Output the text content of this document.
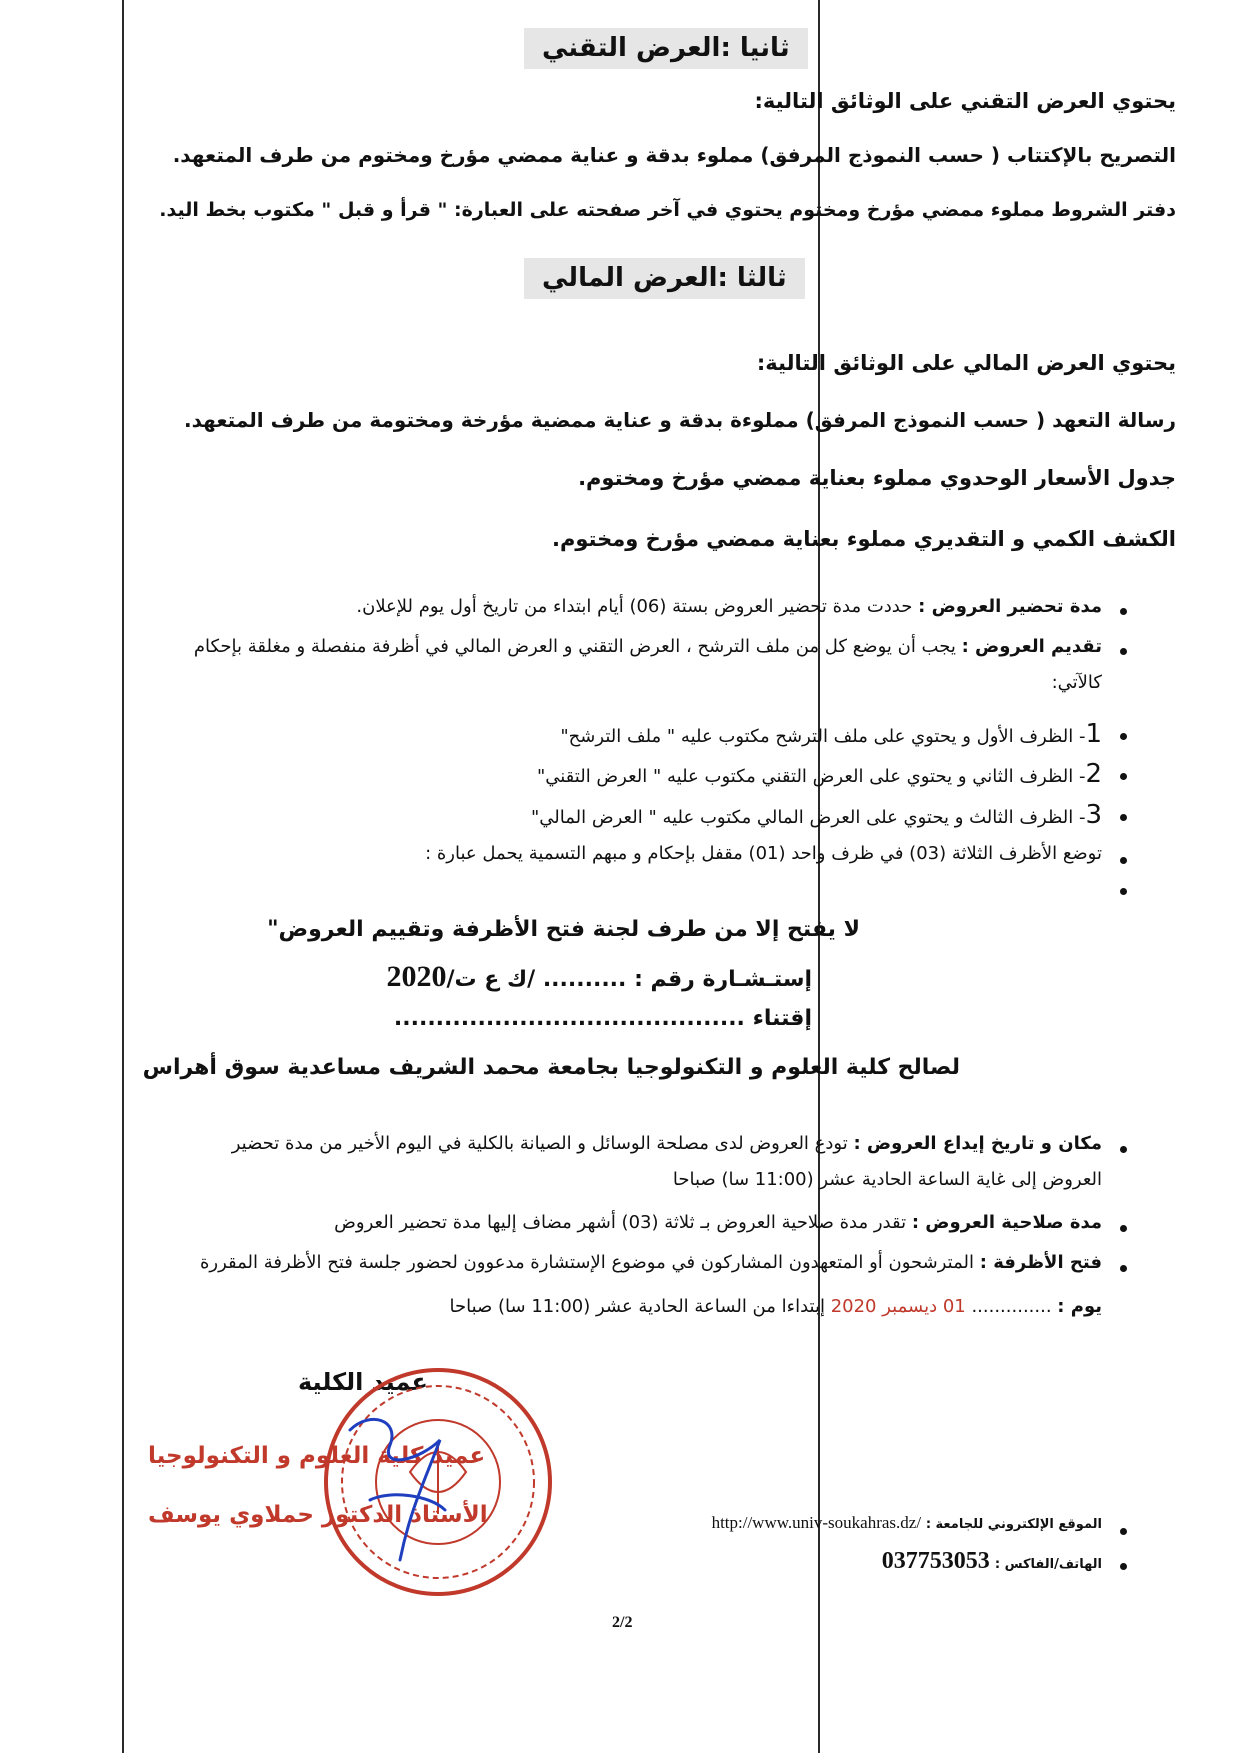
ثانيا :العرض التقني
يحتوي العرض التقني على الوثائق التالية:
التصريح بالإكتتاب ( حسب النموذج المرفق) مملوء بدقة و عناية ممضي مؤرخ ومختوم من طرف المتعهد.
دفتر الشروط مملوء ممضي مؤرخ ومختوم يحتوي في آخر صفحته على العبارة: " قرأ و قبل " مكتوب بخط اليد.
ثالثا :العرض المالي
يحتوي العرض المالي على الوثائق التالية:
رسالة التعهد ( حسب النموذج المرفق) مملوءة بدقة و عناية ممضية مؤرخة ومختومة من طرف المتعهد.
جدول الأسعار الوحدوي مملوء بعناية ممضي مؤرخ ومختوم.
الكشف الكمي و التقديري مملوء بعناية ممضي مؤرخ ومختوم.
مدة تحضير العروض : حددت مدة تحضير العروض بستة (06) أيام ابتداء من تاريخ أول يوم للإعلان.
تقديم العروض : يجب أن يوضع كل من ملف الترشح ، العرض التقني و العرض المالي في أظرفة منفصلة و مغلقة بإحكام
كالآتي:
1- الظرف الأول و يحتوي على ملف الترشح مكتوب عليه " ملف الترشح"
2- الظرف الثاني و يحتوي على العرض التقني مكتوب عليه " العرض التقني"
3- الظرف الثالث و يحتوي على العرض المالي مكتوب عليه " العرض المالي"
توضع الأظرف الثلاثة (03) في ظرف واحد (01) مقفل بإحكام و مبهم التسمية يحمل عبارة :
لا يفتح إلا من طرف لجنة فتح الأظرفة وتقييم العروض"
إستـشـارة رقم : .......... /ك ع ت/2020
إقتناء ..........................................
لصالح كلية العلوم و التكنولوجيا بجامعة محمد الشريف مساعدية سوق أهراس
مكان و تاريخ إيداع العروض : تودع العروض لدى مصلحة الوسائل و الصيانة بالكلية في اليوم الأخير من مدة تحضير
العروض إلى غاية الساعة الحادية عشر (11:00 سا) صباحا
مدة صلاحية العروض : تقدر مدة صلاحية العروض بـ ثلاثة (03) أشهر مضاف إليها مدة تحضير العروض
فتح الأظرفة : المترشحون أو المتعهدون المشاركون في موضوع الإستشارة مدعوون لحضور جلسة فتح الأظرفة المقررة
يوم : .............. 01 ديسمبر 2020 إبتداءا من الساعة الحادية عشر (11:00 سا) صباحا
عميد الكلية
عميد كلية العلوم و التكنولوجيا
الأستاذ الدكتور حملاوي يوسف	الموقع الإلكتروني للجامعة : http://www.univ-soukahras.dz/
الهاتف/الفاكس : 037753053
2/2
